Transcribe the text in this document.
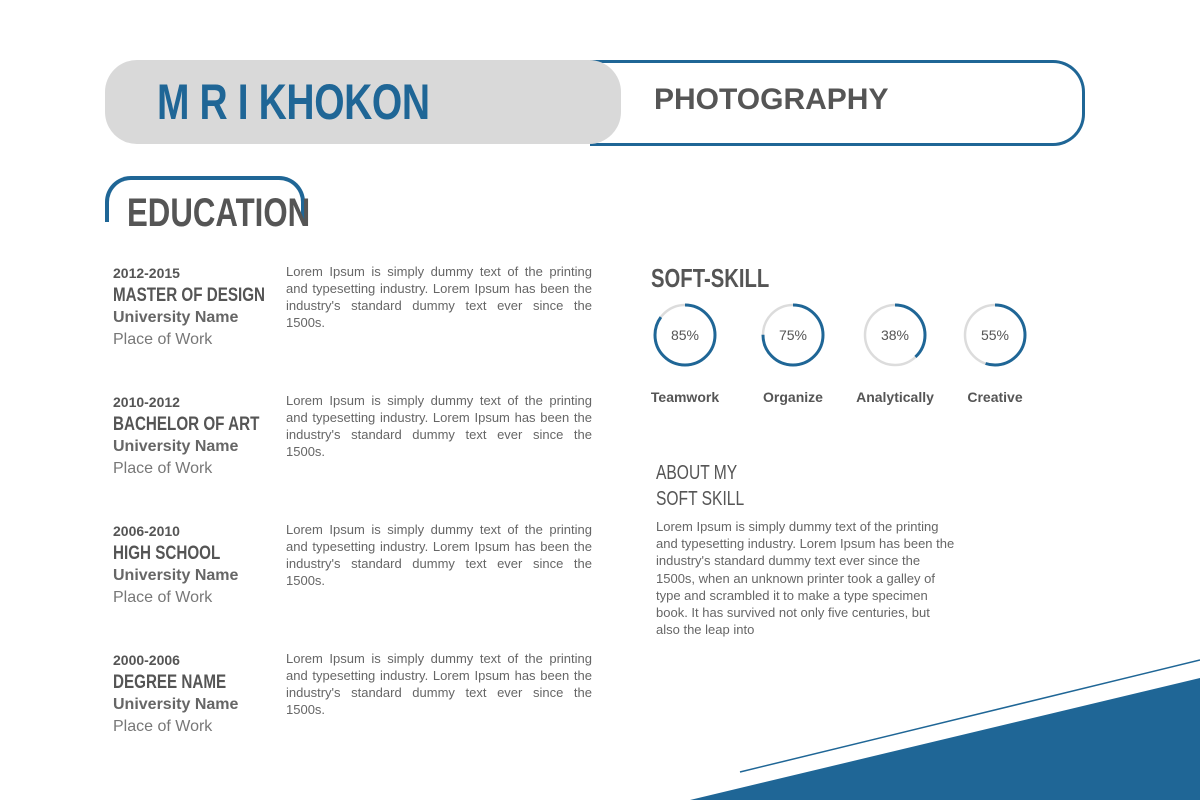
M R I KHOKON	PHOTOGRAPHY
EDUCATION
2012-2015
MASTER OF DESIGN
University Name
Place of Work
Lorem Ipsum is simply dummy text of the printing and typesetting industry. Lorem Ipsum has been the industry's standard dummy text ever since the 1500s.
2010-2012
BACHELOR OF ART
University Name
Place of Work
Lorem Ipsum is simply dummy text of the printing and typesetting industry. Lorem Ipsum has been the industry's standard dummy text ever since the 1500s.
2006-2010
HIGH SCHOOL
University Name
Place of Work
Lorem Ipsum is simply dummy text of the printing and typesetting industry. Lorem Ipsum has been the industry's standard dummy text ever since the 1500s.
2000-2006
DEGREE NAME
University Name
Place of Work
Lorem Ipsum is simply dummy text of the printing and typesetting industry. Lorem Ipsum has been the industry's standard dummy text ever since the 1500s.
SOFT-SKILL
85%
Teamwork
75%
Organize
38%
Analytically
55%
Creative
ABOUT MY
SOFT SKILL
Lorem Ipsum is simply dummy text of the printing and typesetting industry. Lorem Ipsum has been the industry's standard dummy text ever since the 1500s, when an unknown printer took a galley of type and scrambled it to make a type specimen book. It has survived not only five centuries, but also the leap into
